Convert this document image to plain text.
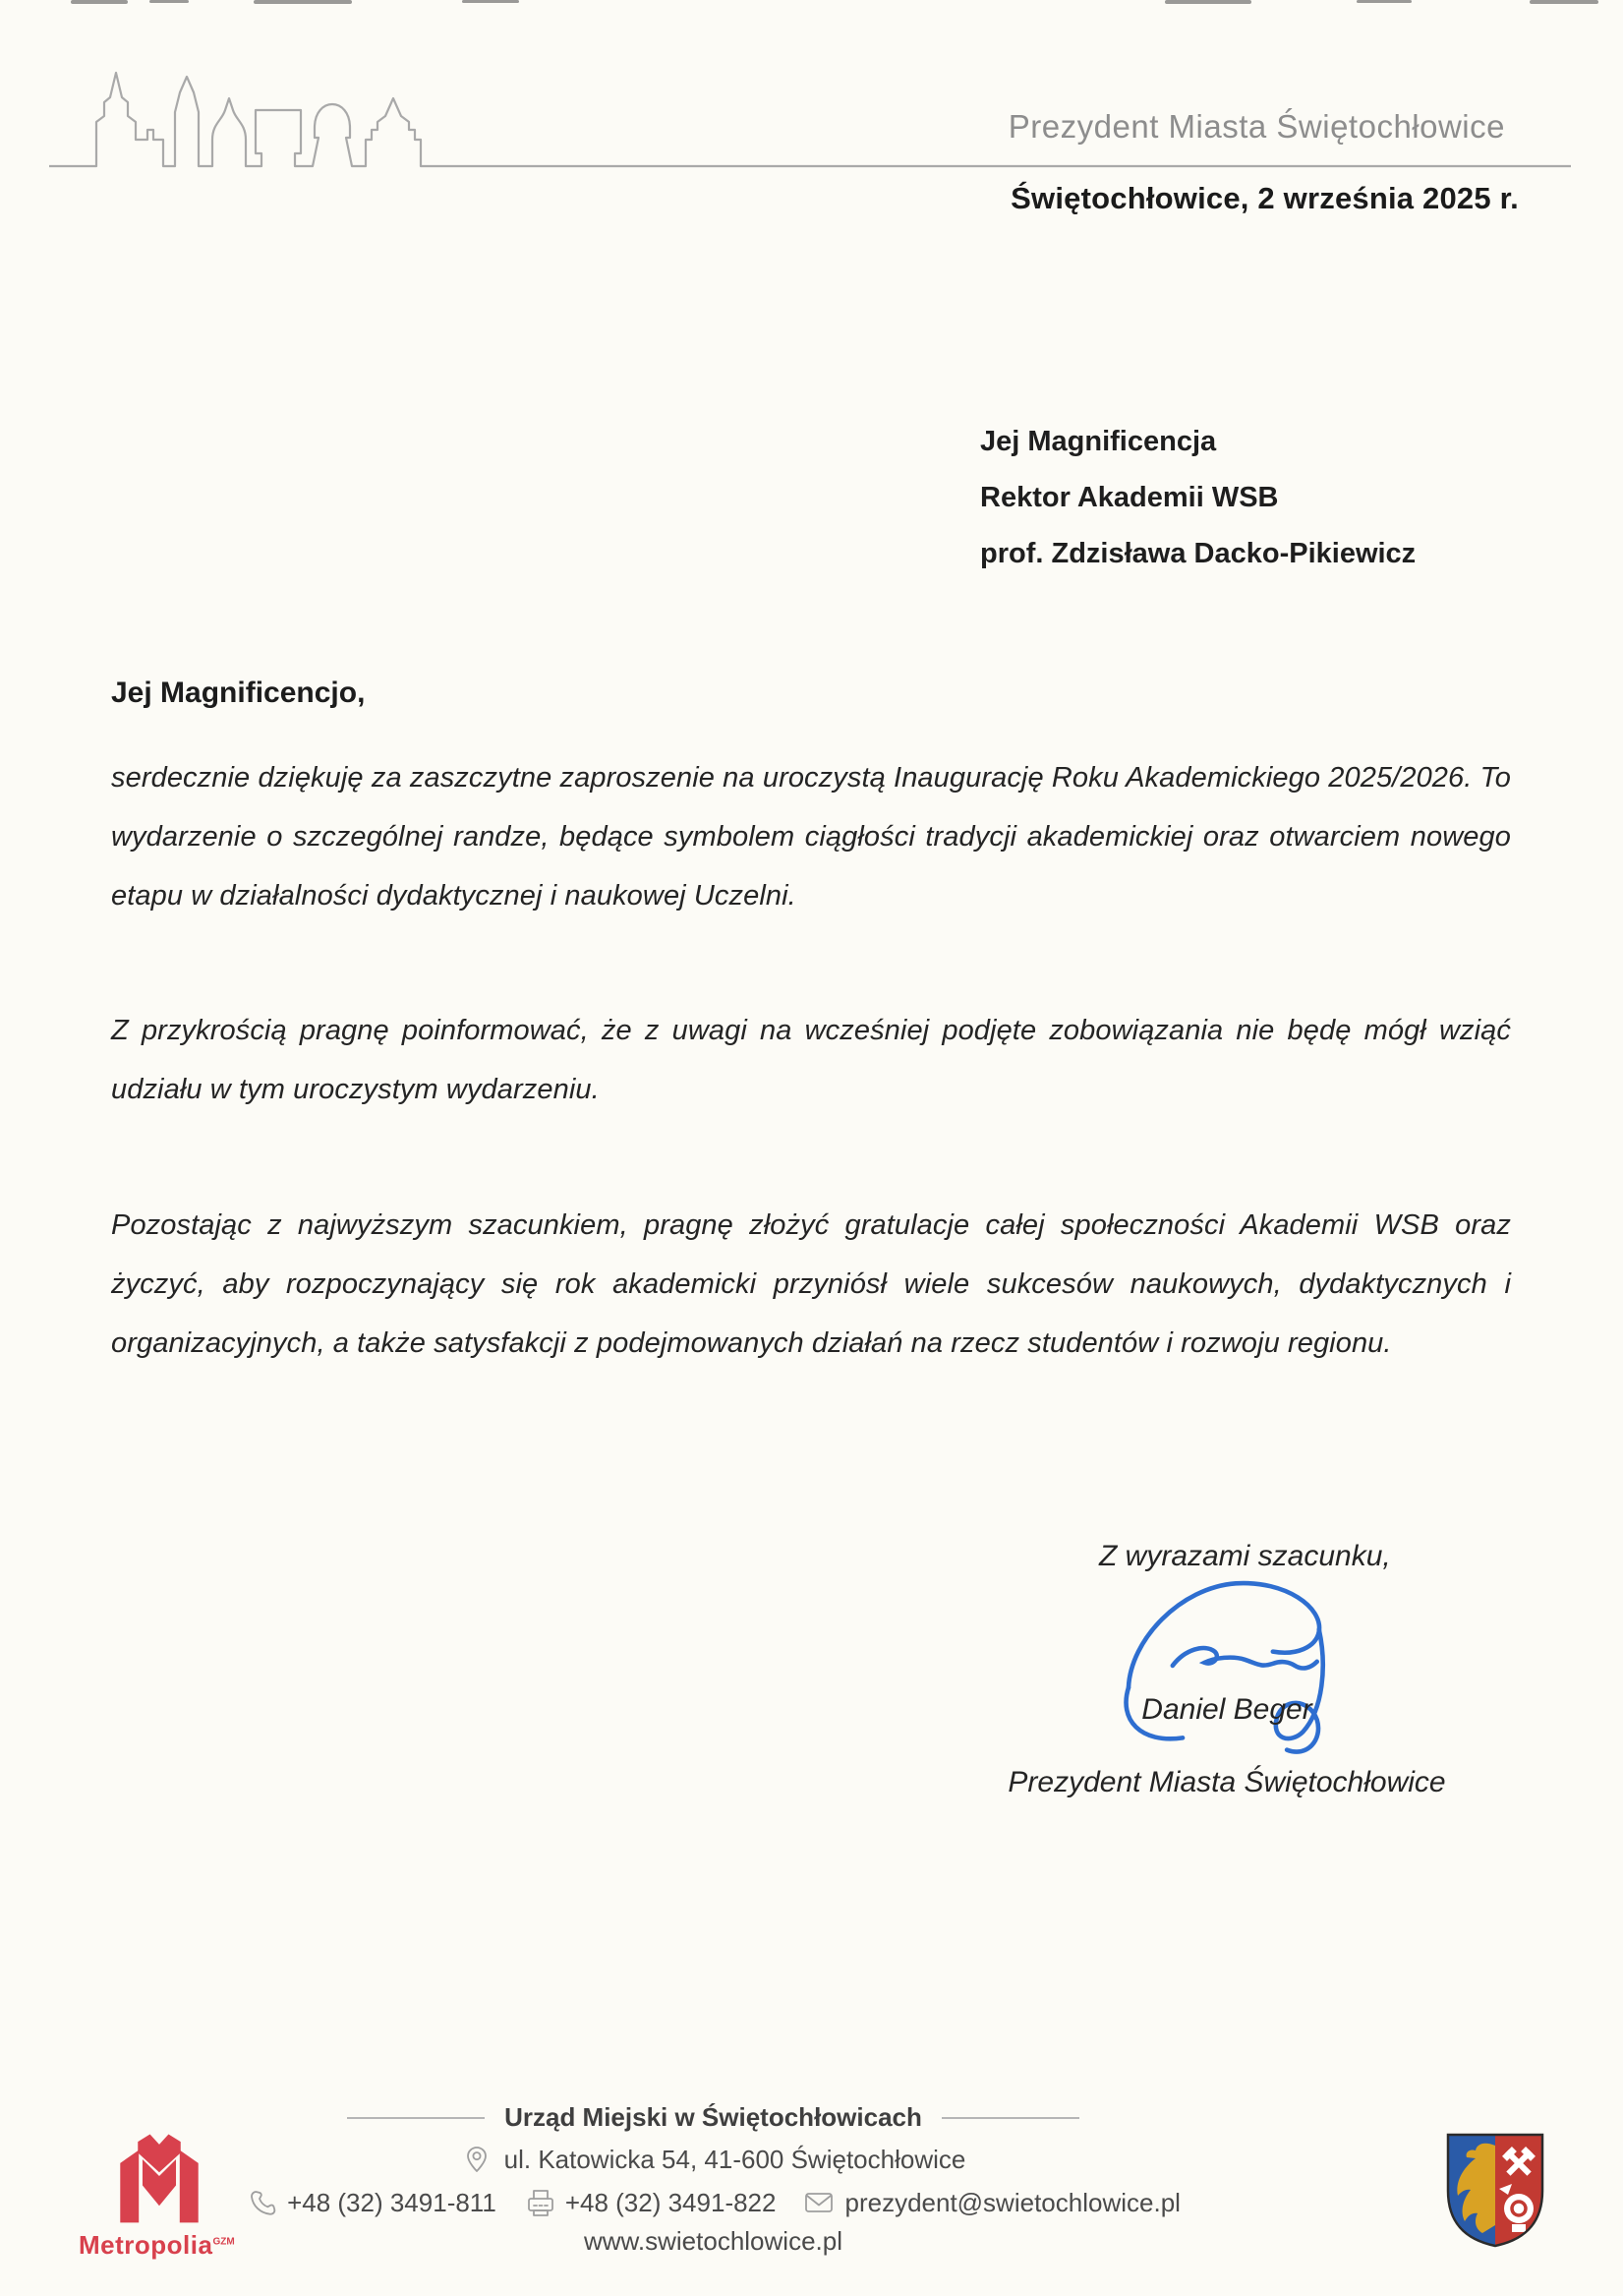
Prezydent Miasta Świętochłowice
Świętochłowice, 2 września 2025 r.
Jej Magnificencja
Rektor Akademii WSB
prof. Zdzisława Dacko-Pikiewicz
Jej Magnificencjo,
serdecznie dziękuję za zaszczytne zaproszenie na uroczystą Inaugurację Roku Akademickiego 2025/2026. To wydarzenie o szczególnej randze, będące symbolem ciągłości tradycji akademickiej oraz otwarciem nowego etapu w działalności dydaktycznej i naukowej Uczelni.
Z przykrością pragnę poinformować, że z uwagi na wcześniej podjęte zobowiązania nie będę mógł wziąć udziału w tym uroczystym wydarzeniu.
Pozostając z najwyższym szacunkiem, pragnę złożyć gratulacje całej społeczności Akademii WSB oraz życzyć, aby rozpoczynający się rok akademicki przyniósł wiele sukcesów naukowych, dydaktycznych i organizacyjnych, a także satysfakcji z podejmowanych działań na rzecz studentów i rozwoju regionu.
Z wyrazami szacunku,
Daniel Beger
Prezydent Miasta Świętochłowice
Urząd Miejski w Świętochłowicach
ul. Katowicka 54, 41-600 Świętochłowice
+48 (32) 3491-811	+48 (32) 3491-822	prezydent@swietochlowice.pl
www.swietochlowice.pl
Metropolia$^{GZM}$
